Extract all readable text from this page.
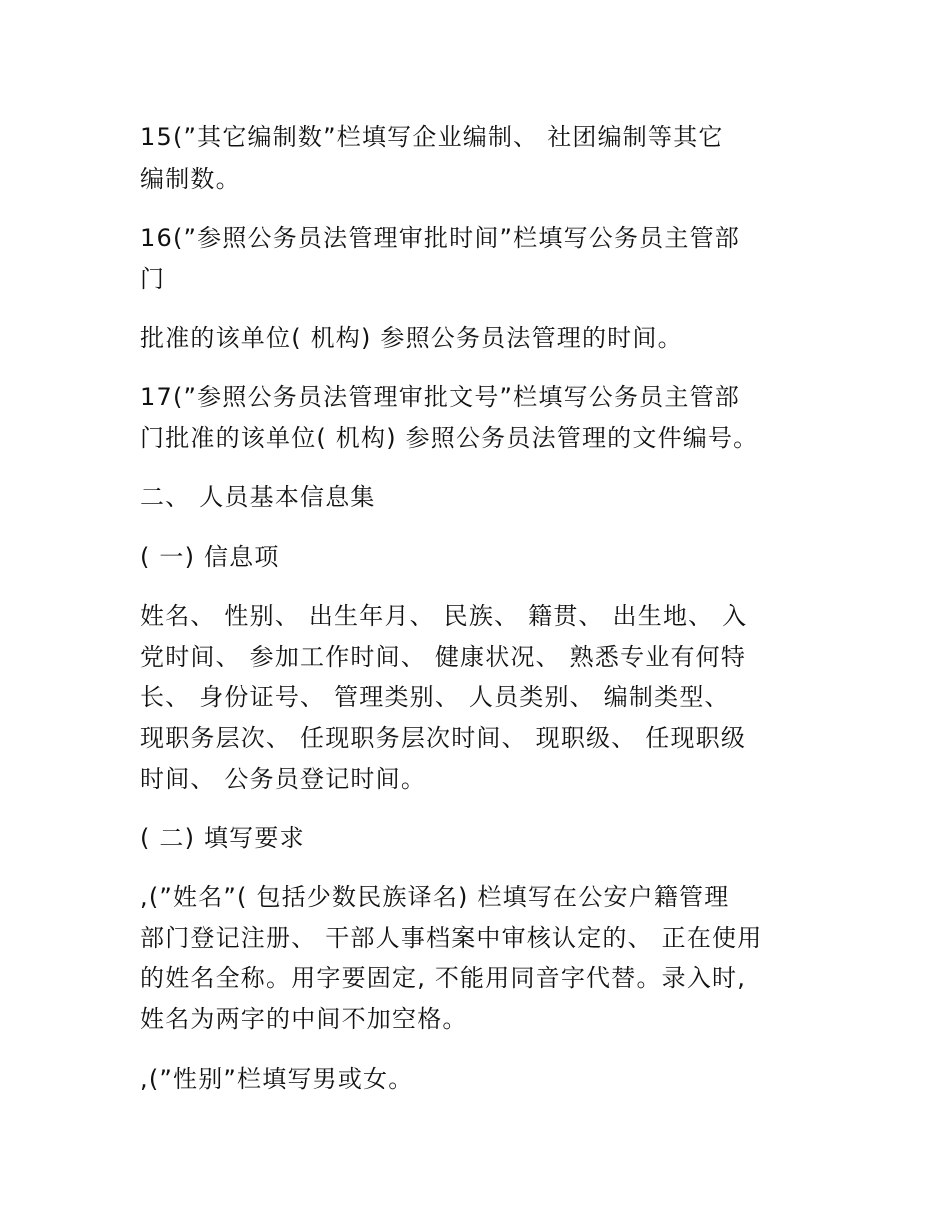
15(”其它编制数”栏填写企业编制、 社团编制等其它
编制数。
16(”参照公务员法管理审批时间”栏填写公务员主管部
门
批准的该单位( 机构) 参照公务员法管理的时间。
17(”参照公务员法管理审批文号”栏填写公务员主管部
门批准的该单位( 机构) 参照公务员法管理的文件编号。
二、 人员基本信息集
( 一) 信息项
姓名、 性别、 出生年月、 民族、 籍贯、 出生地、 入
党时间、 参加工作时间、 健康状况、 熟悉专业有何特
长、 身份证号、 管理类别、 人员类别、 编制类型、
现职务层次、 任现职务层次时间、 现职级、 任现职级
时间、 公务员登记时间。
( 二) 填写要求
,(”姓名”( 包括少数民族译名) 栏填写在公安户籍管理
部门登记注册、 干部人事档案中审核认定的、 正在使用
的姓名全称。用字要固定, 不能用同音字代替。录入时,
姓名为两字的中间不加空格。
,(”性别”栏填写男或女。
